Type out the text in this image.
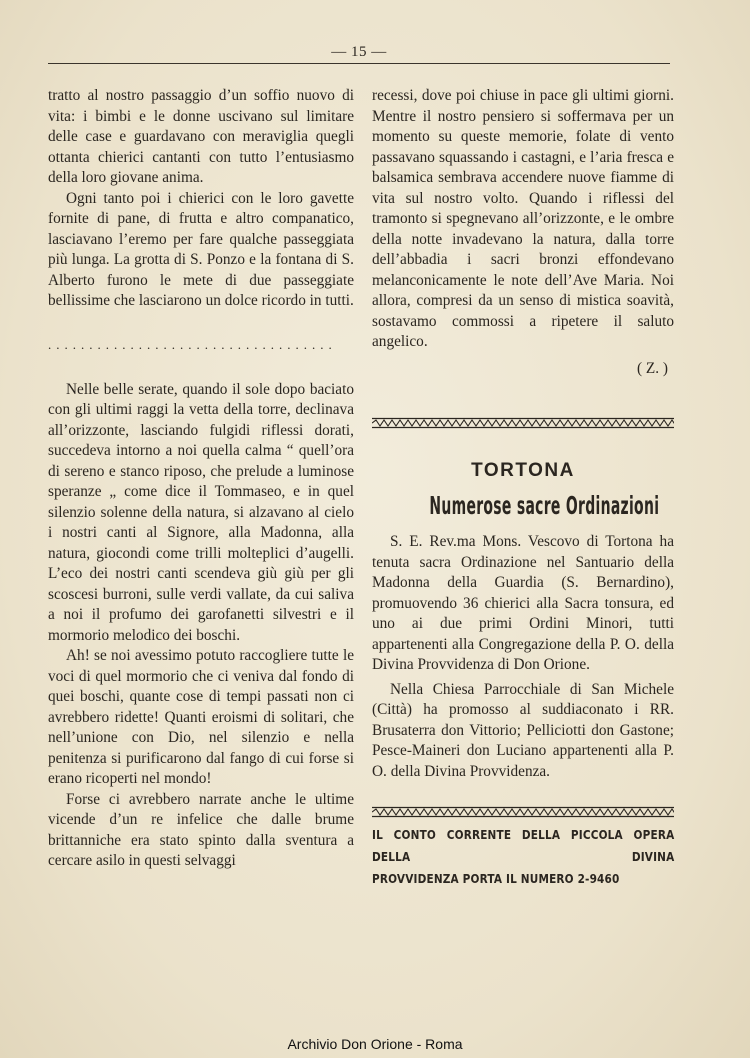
— 15 —

tratto al nostro passaggio d’un soffio nuovo di vita: i bimbi e le donne uscivano sul limitare delle case e guardavano con meraviglia quegli ottanta chierici cantanti con tutto l’entusiasmo della loro giovane anima.

Ogni tanto poi i chierici con le loro gavette fornite di pane, di frutta e altro companatico, lasciavano l’eremo per fare qualche passeggiata più lunga. La grotta di S. Ponzo e la fontana di S. Alberto furono le mete di due passeggiate bellissime che lasciarono un dolce ricordo in tutti.

...................................

Nelle belle serate, quando il sole dopo baciato con gli ultimi raggi la vetta della torre, declinava all’orizzonte, lasciando fulgidi riflessi dorati, succedeva intorno a noi quella calma “ quell’ora di sereno e stanco riposo, che prelude a luminose speranze „ come dice il Tommaseo, e in quel silenzio solenne della natura, si alzavano al cielo i nostri canti al Signore, alla Madonna, alla natura, giocondi come trilli molteplici d’augelli. L’eco dei nostri canti scendeva giù giù per gli scoscesi burroni, sulle verdi vallate, da cui saliva a noi il profumo dei garofanetti silvestri e il mormorio melodico dei boschi.

Ah! se noi avessimo potuto raccogliere tutte le voci di quel mormorio che ci veniva dal fondo di quei boschi, quante cose di tempi passati non ci avrebbero ridette! Quanti eroismi di solitari, che nell’unione con Dio, nel silenzio e nella penitenza si purificarono dal fango di cui forse si erano ricoperti nel mondo!

Forse ci avrebbero narrate anche le ultime vicende d’un re infelice che dalle brume brittanniche era stato spinto dalla sventura a cercare asilo in questi selvaggi

recessi, dove poi chiuse in pace gli ultimi giorni. Mentre il nostro pensiero si soffermava per un momento su queste memorie, folate di vento passavano squassando i castagni, e l’aria fresca e balsamica sembrava accendere nuove fiamme di vita sul nostro volto. Quando i riflessi del tramonto si spegnevano all’orizzonte, e le ombre della notte invadevano la natura, dalla torre dell’abbadia i sacri bronzi effondevano melanconicamente le note dell’Ave Maria. Noi allora, compresi da un senso di mistica soavità, sostavamo commossi a ripetere il saluto angelico.

( Z. )
TORTONA
Numerose sacre Ordinazioni

S. E. Rev.ma Mons. Vescovo di Tortona ha tenuta sacra Ordinazione nel Santuario della Madonna della Guardia (S. Bernardino), promuovendo 36 chierici alla Sacra tonsura, ed uno ai due primi Ordini Minori, tutti appartenenti alla Congregazione della P. O. della Divina Provvidenza di Don Orione.

Nella Chiesa Parrocchiale di San Michele (Città) ha promosso al suddiaconato i RR. Brusaterra don Vittorio; Pelliciotti don Gastone; Pesce-Maineri don Luciano appartenenti alla P. O. della Divina Provvidenza.

IL CONTO CORRENTE DELLA PICCOLA OPERA DELLA DIVINA
PROVVIDENZA PORTA IL NUMERO 2-9460
Archivio Don Orione - Roma
